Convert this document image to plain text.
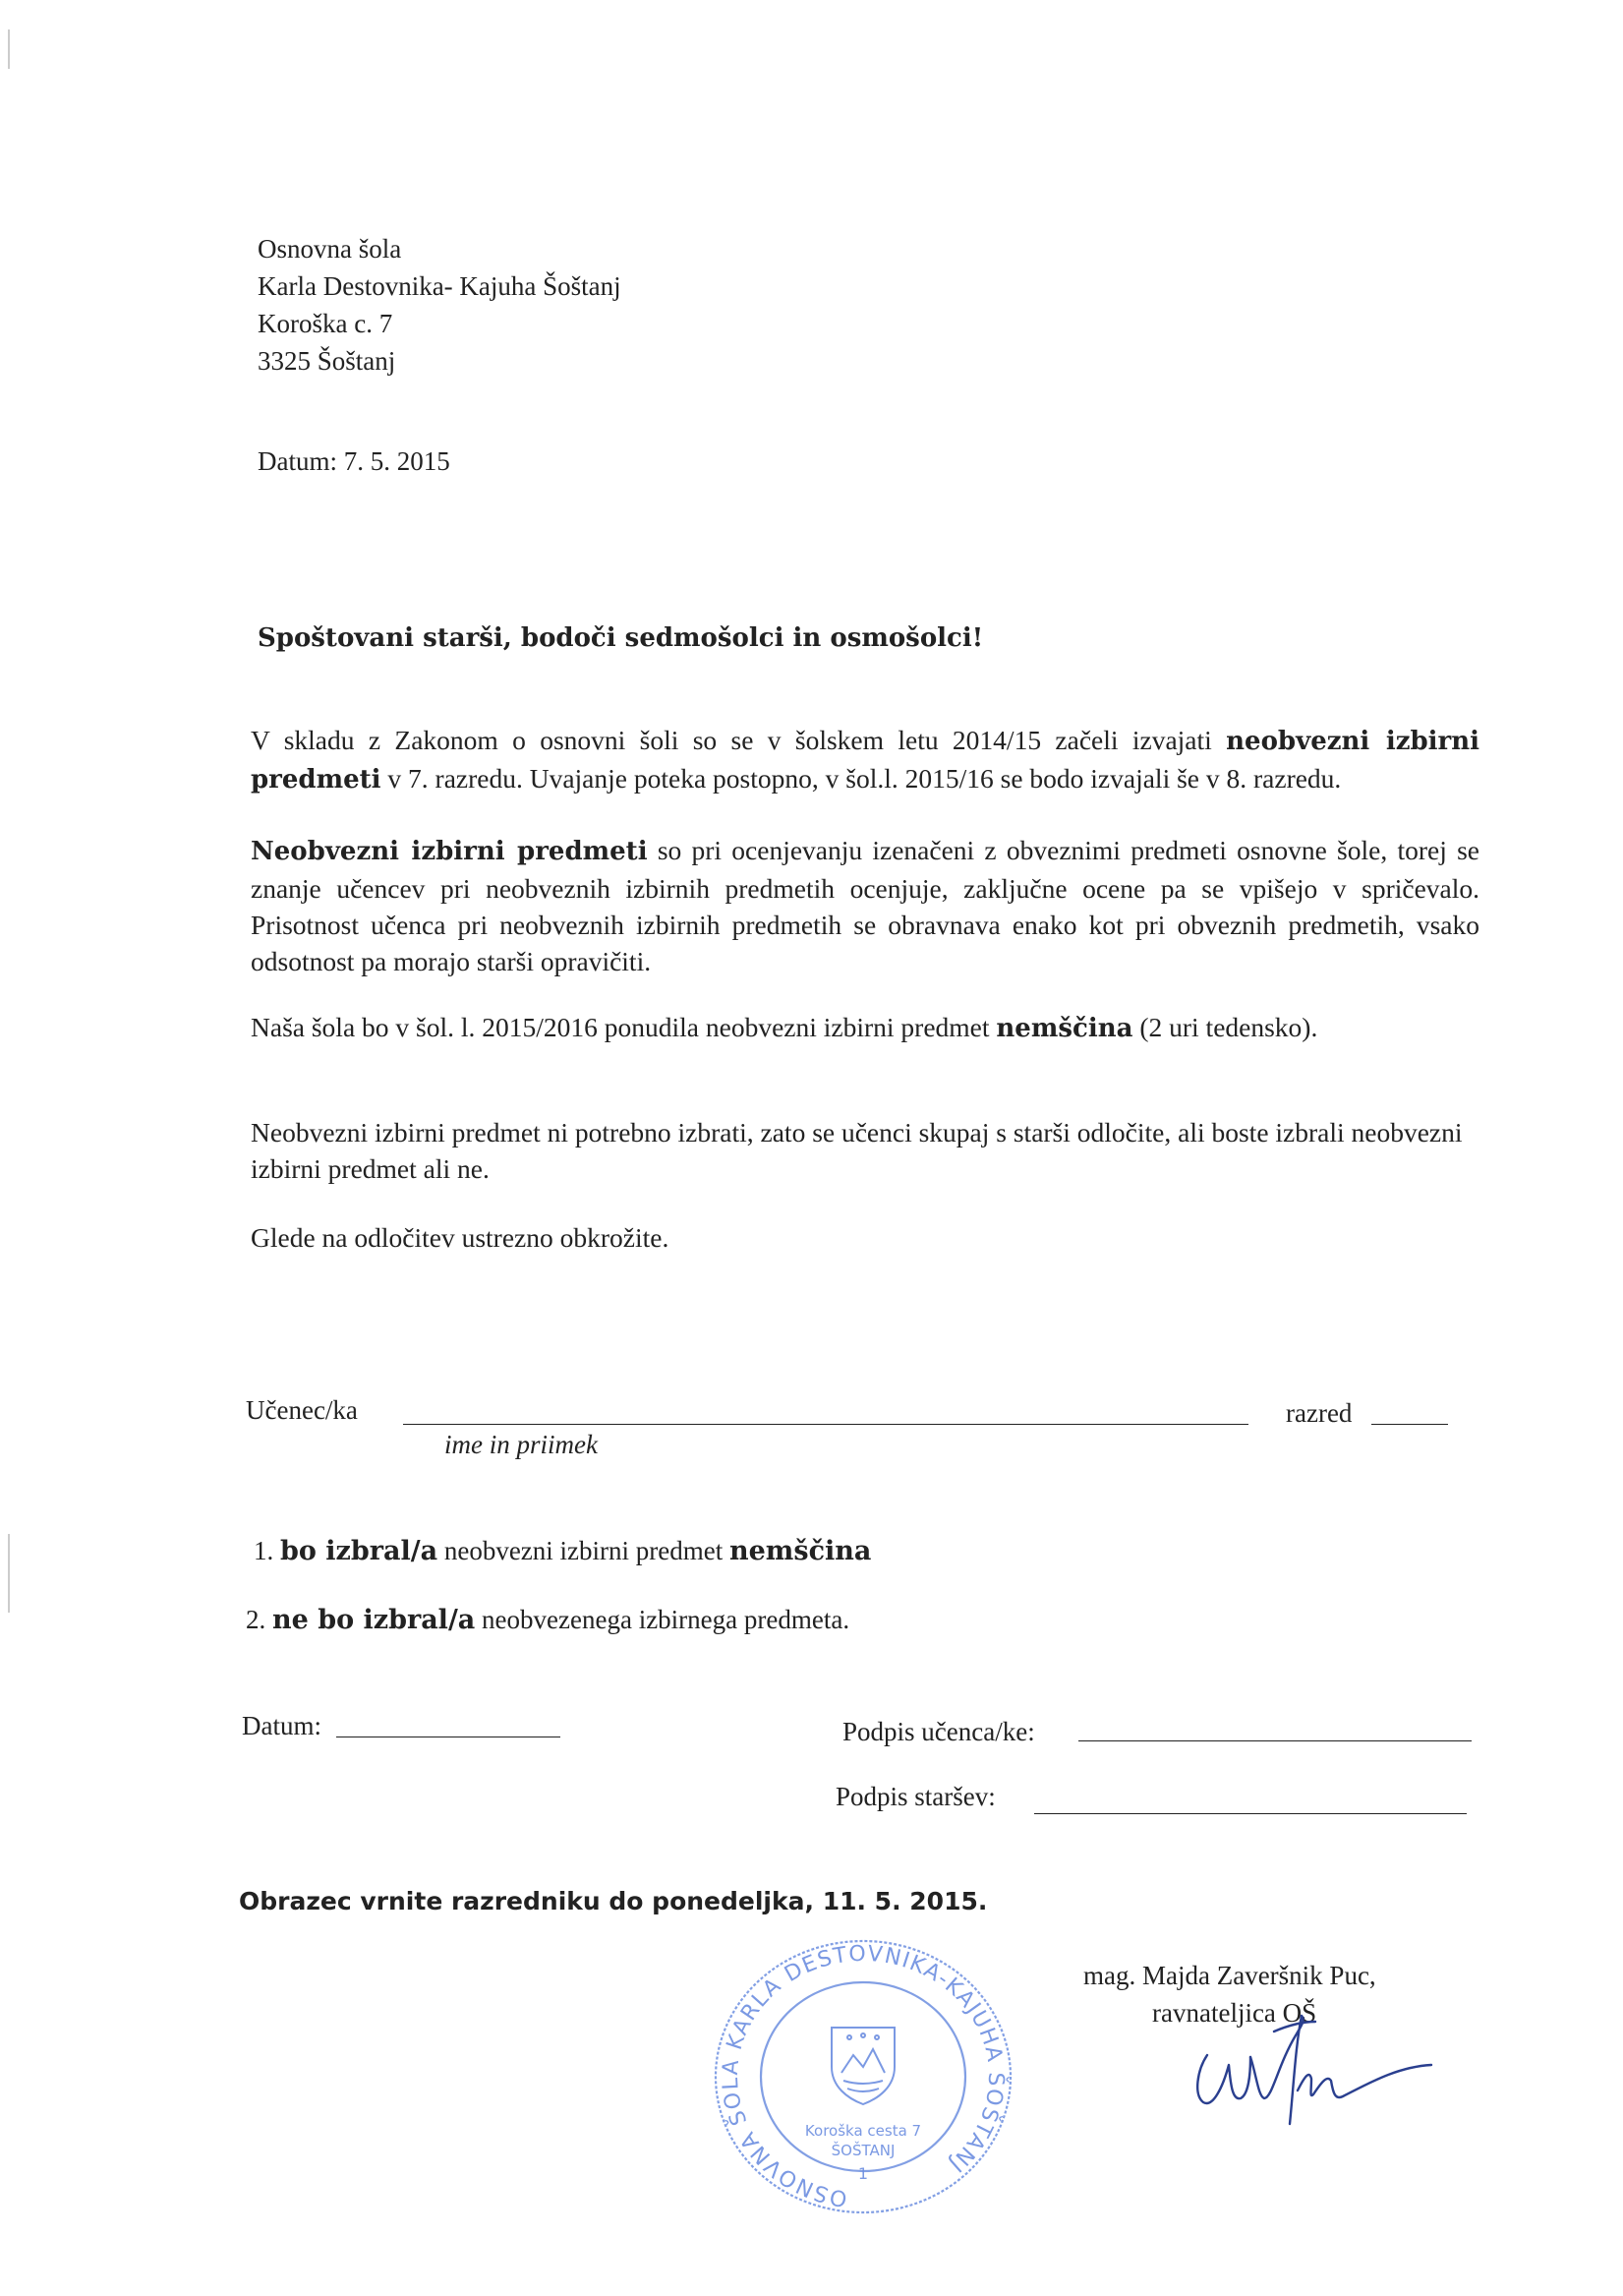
Osnovna šola
Karla Destovnika- Kajuha Šoštanj
Koroška c. 7
3325 Šoštanj
Datum: 7. 5. 2015
Spoštovani starši, bodoči sedmošolci in osmošolci!
V skladu z Zakonom o osnovni šoli so se v šolskem letu 2014/15 začeli izvajati neobvezni izbirni predmeti v 7. razredu. Uvajanje poteka postopno, v šol.l. 2015/16 se bodo izvajali še v 8. razredu.
Neobvezni izbirni predmeti so pri ocenjevanju izenačeni z obveznimi predmeti osnovne šole, torej se znanje učencev pri neobveznih izbirnih predmetih ocenjuje, zaključne ocene pa se vpišejo v spričevalo. Prisotnost učenca pri neobveznih izbirnih predmetih se obravnava enako kot pri obveznih predmetih, vsako odsotnost pa morajo starši opravičiti.
Naša šola bo v šol. l. 2015/2016 ponudila neobvezni izbirni predmet nemščina (2 uri tedensko).
Neobvezni izbirni predmet ni potrebno izbrati, zato se učenci skupaj s starši odločite, ali boste izbrali neobvezni izbirni predmet ali ne.
Glede na odločitev ustrezno obkrožite.
Učenec/ka
ime in priimek
razred
1. bo izbral/a neobvezni izbirni predmet nemščina
2. ne bo izbral/a neobvezenega izbirnega predmeta.
Datum:	Podpis učenca/ke:
Podpis staršev:
Obrazec vrnite razredniku do ponedeljka, 11. 5. 2015.
mag. Majda Zaveršnik Puc,
ravnateljica OŠ
OSNOVNA ŠOLA KARLA DESTOVNIKA-KAJUHA ŠOŠTANJ
Koroška cesta 7
ŠOŠTANJ
1
